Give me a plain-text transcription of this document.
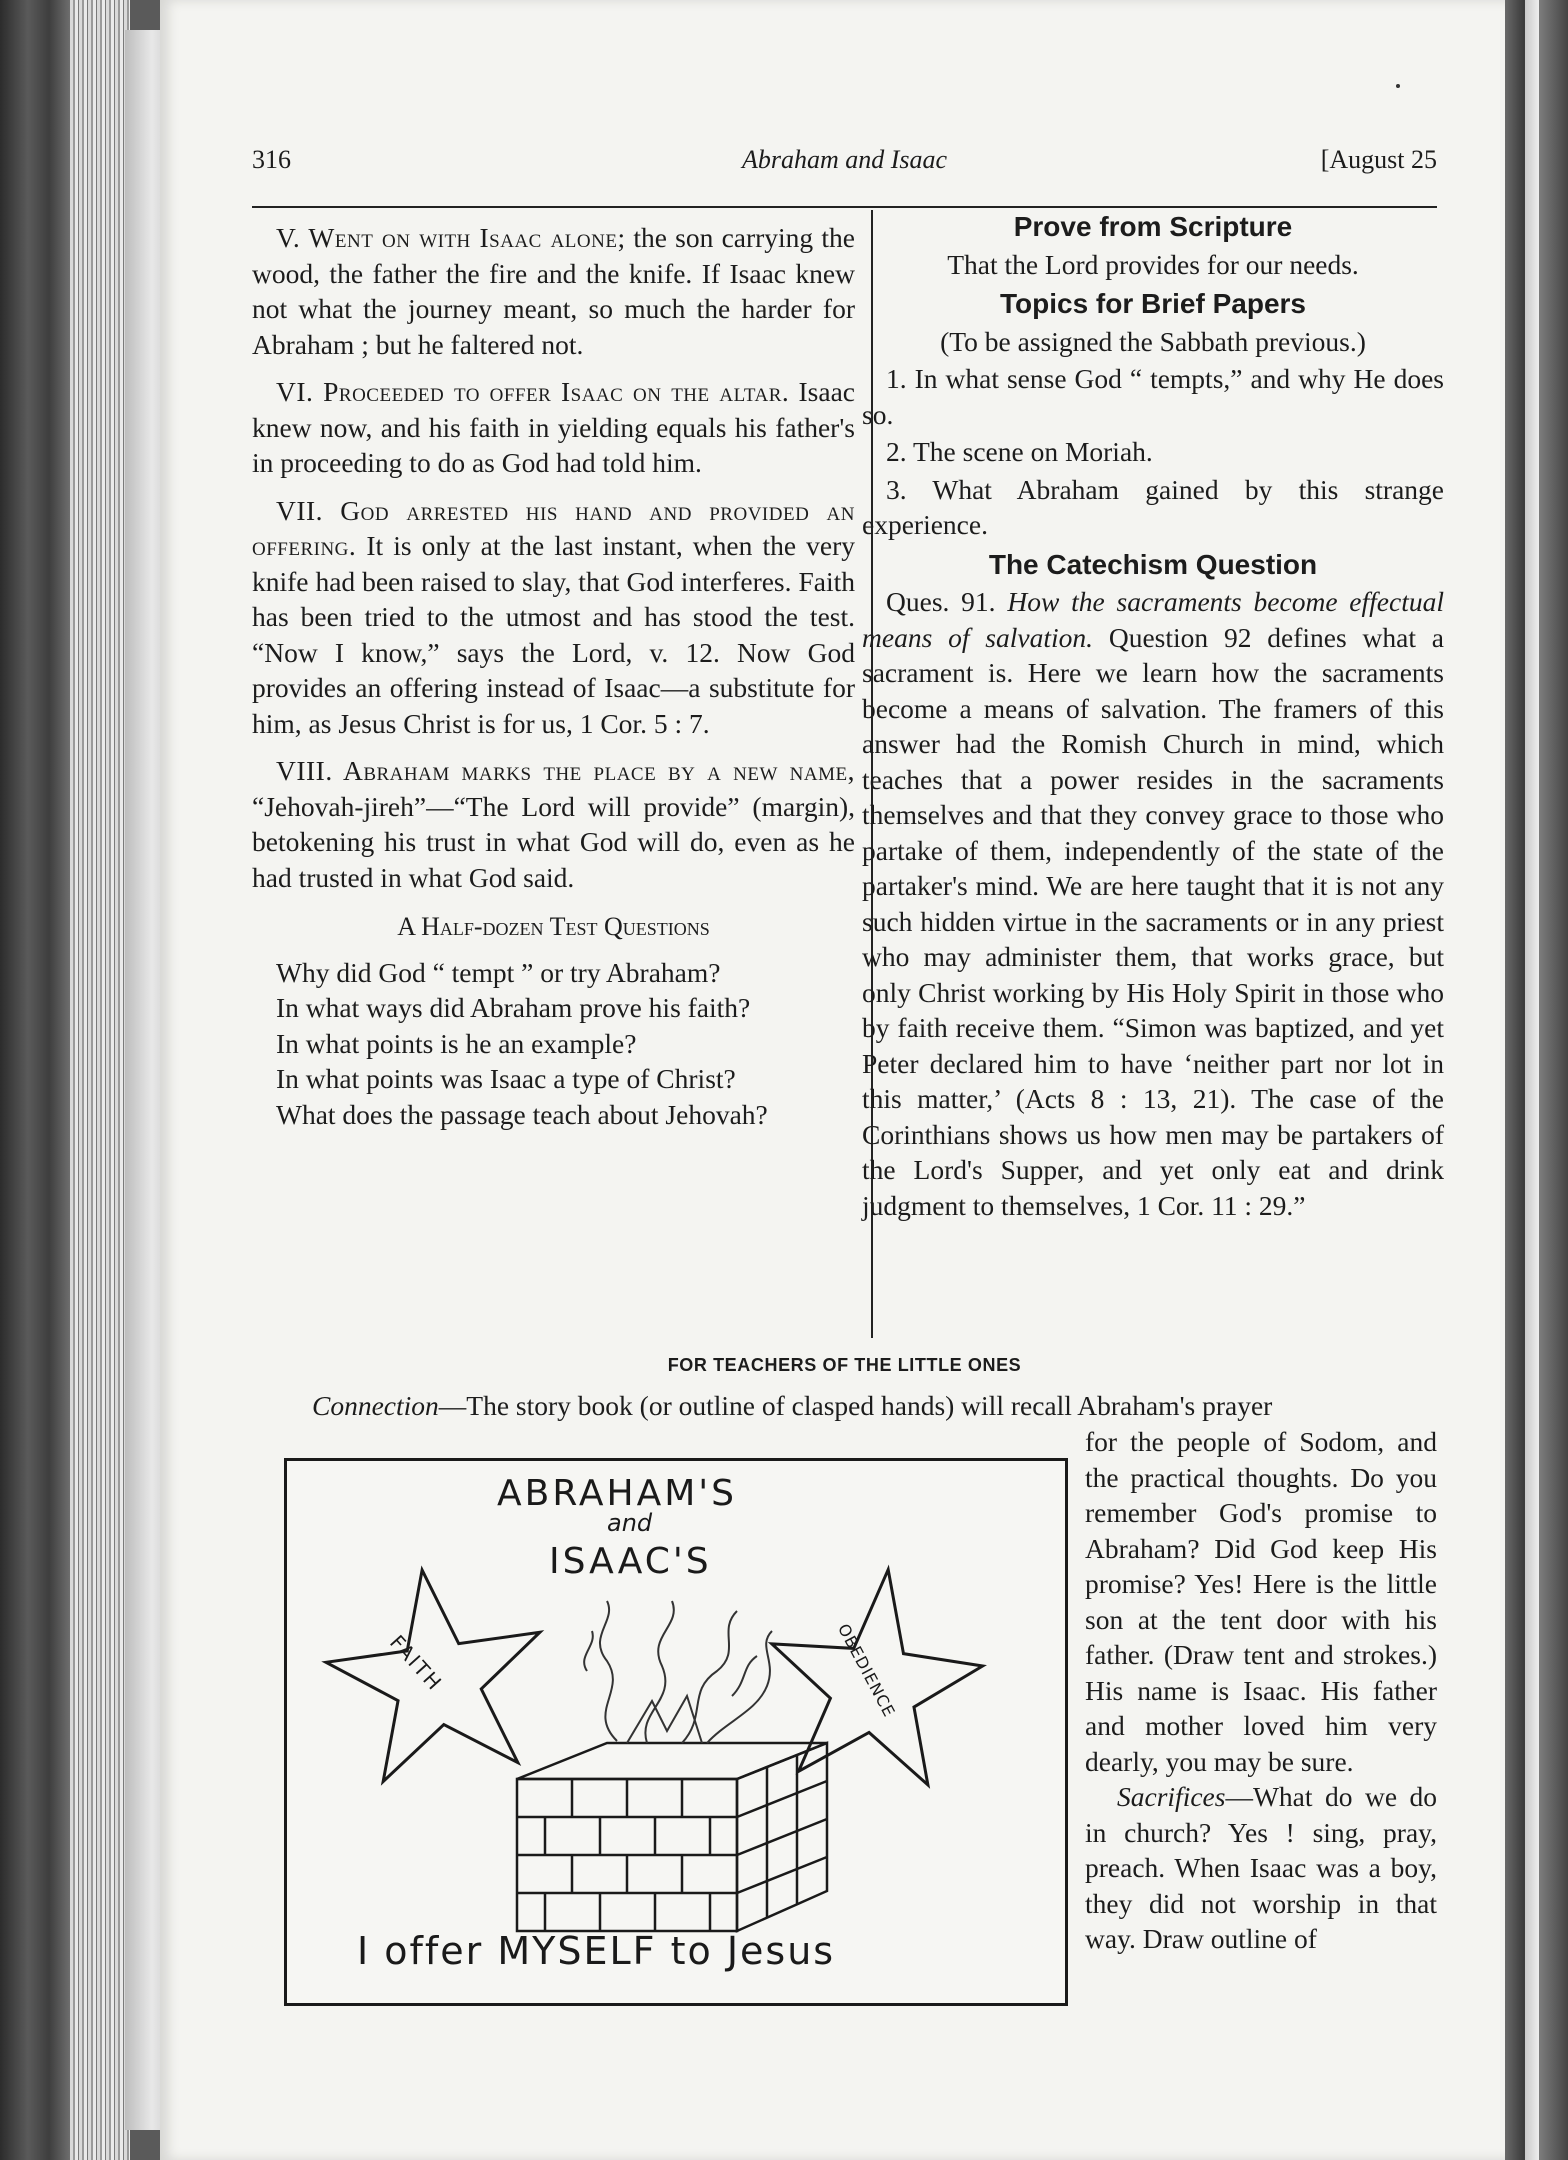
316	Abraham and Isaac	[August 25

V. Went on with Isaac alone; the son carrying the wood, the father the fire and the knife. If Isaac knew not what the journey meant, so much the harder for Abraham ; but he faltered not.

VI. Proceeded to offer Isaac on the altar. Isaac knew now, and his faith in yielding equals his father's in proceeding to do as God had told him.

VII. God arrested his hand and provided an offering. It is only at the last instant, when the very knife had been raised to slay, that God interferes. Faith has been tried to the utmost and has stood the test. “Now I know,” says the Lord, v. 12. Now God provides an offering instead of Isaac—a substitute for him, as Jesus Christ is for us, 1 Cor. 5 : 7.

VIII. Abraham marks the place by a new name, “Jehovah-jireh”—“The Lord will provide” (margin), betokening his trust in what God will do, even as he had trusted in what God said.

A Half-dozen Test Questions
Why did God “ tempt ” or try Abraham?
In what ways did Abraham prove his faith?
In what points is he an example?
In what points was Isaac a type of Christ?
What does the passage teach about Jehovah?
Prove from Scripture

That the Lord provides for our needs.

Topics for Brief Papers

(To be assigned the Sabbath previous.)

1. In what sense God “ tempts,” and why He does so.

2. The scene on Moriah.

3. What Abraham gained by this strange experience.

The Catechism Question

Ques. 91. How the sacraments become effectual means of salvation. Question 92 defines what a sacrament is. Here we learn how the sacraments become a means of salvation. The framers of this answer had the Romish Church in mind, which teaches that a power resides in the sacraments themselves and that they convey grace to those who partake of them, independently of the state of the partaker's mind. We are here taught that it is not any such hidden virtue in the sacraments or in any priest who may administer them, that works grace, but only Christ working by His Holy Spirit in those who by faith receive them. “Simon was baptized, and yet Peter declared him to have ‘neither part nor lot in this matter,’ (Acts 8 : 13, 21). The case of the Corinthians shows us how men may be partakers of the Lord's Supper, and yet only eat and drink judgment to themselves, 1 Cor. 11 : 29.”

FOR TEACHERS OF THE LITTLE ONES
Connection—The story book (or outline of clasped hands) will recall Abraham's prayer

for the people of Sodom, and the practical thoughts. Do you remember God's promise to Abraham? Did God keep His promise? Yes! Here is the little son at the tent door with his father. (Draw tent and strokes.) His name is Isaac. His father and mother loved him very dearly, you may be sure.

Sacrifices—What do we do in church? Yes ! sing, pray, preach. When Isaac was a boy, they did not worship in that way. Draw outline of

ABRAHAM'S
and
ISAAC'S
FAITH	OBEDIENCE
I offer MYSELF to Jesus
